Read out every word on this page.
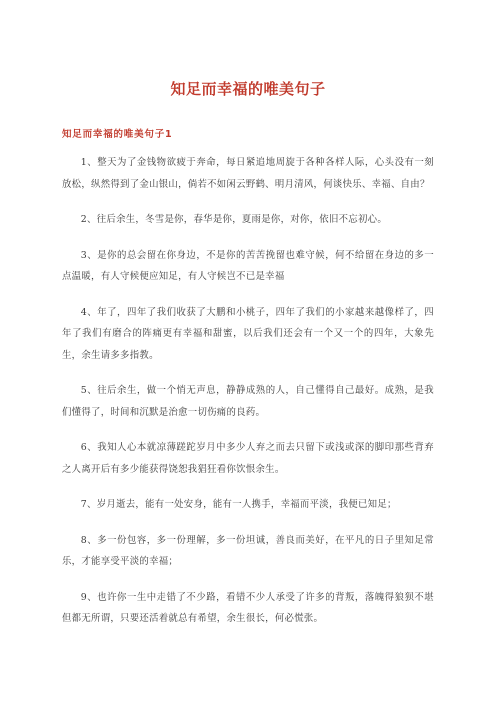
知足而幸福的唯美句子
知足而幸福的唯美句子1

1、整天为了金钱物欲疲于奔命，每日紧追地周旋于各种各样人际，心头没有一刻放松，纵然得到了金山银山，倘若不如闲云野鹤、明月清风，何谈快乐、幸福、自由？

2、往后余生，冬雪是你，春华是你，夏雨是你，对你，依旧不忘初心。

3、是你的总会留在你身边，不是你的苦苦挽留也难守候，何不给留在身边的多一点温暖，有人守候便应知足，有人守候岂不已是幸福

4、年了，四年了我们收获了大鹏和小桃子，四年了我们的小家越来越像样了，四年了我们有磨合的阵痛更有幸福和甜蜜，以后我们还会有一个又一个的四年，大象先生，余生请多多指教。

5、往后余生，做一个悄无声息，静静成熟的人，自己懂得自己最好。成熟，是我们懂得了，时间和沉默是治愈一切伤痛的良药。

6、我知人心本就凉薄蹉跎岁月中多少人弃之而去只留下或浅或深的脚印那些背弃之人离开后有多少能获得饶恕我猖狂看你饮恨余生。

7、岁月逝去，能有一处安身，能有一人携手，幸福而平淡，我便已知足；

8、多一份包容，多一份理解，多一份坦诚，善良而美好，在平凡的日子里知足常乐，才能享受平淡的幸福；

9、也许你一生中走错了不少路，看错不少人承受了许多的背叛，落魄得狼狈不堪但都无所谓，只要还活着就总有希望，余生很长，何必慌张。
